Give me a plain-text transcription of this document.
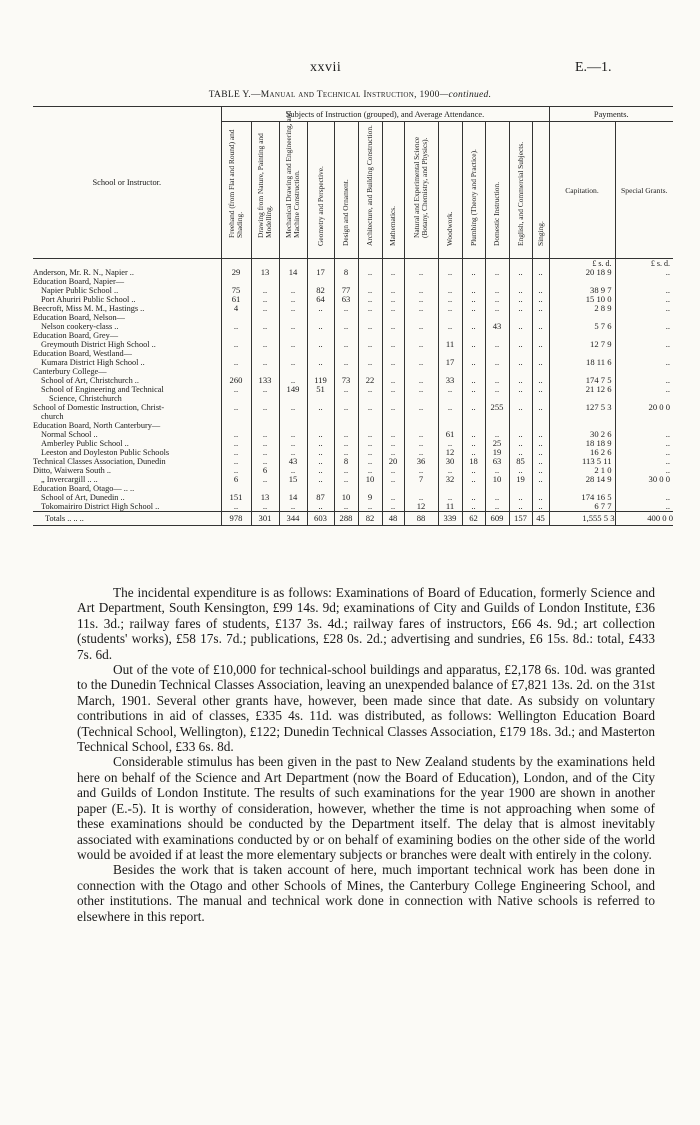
xxvii	E.—1.
TABLE Y.—Manual and Technical Instruction, 1900—continued.
School or Instructor.	Subjects of Instruction (grouped), and Average Attendance.													Payments.	

	Freehand (from Flat and Round) and Shading.	Drawing from Nature, Painting and Modelling.	Mechanical Drawing and Engineering, and Machine Construction.	Geometry and Perspective.	Design and Ornament.	Architecture, and Building Construction.	Mathematics.	Natural and Experimental Science (Botany, Chemistry, and Physics).	Woodwork.	Plumbing (Theory and Practice).	Domestic Instruction.	English, and Commercial Subjects.	Singing.	Capitation.	Special Grants.
														£ s. d.	£ s. d.
Anderson, Mr. R. N., Napier ..	29	13	14	17	8	..	..	..	..	..	..	..	..	20 18 9	..
Education Board, Napier—															
Napier Public School ..	75	..	..	82	77	..	..	..	..	..	..	..	..	38 9 7	..
Port Ahuriri Public School ..	61	..	..	64	63	..	..	..	..	..	..	..	..	15 10 0	..
Beecroft, Miss M. M., Hastings ..	4	..	..	..	..	..	..	..	..	..	..	..	..	2 8 9	..
Education Board, Nelson—															
Nelson cookery-class ..	..	..	..	..	..	..	..	..	..	..	43	..	..	5 7 6	..
Education Board, Grey—															
Greymouth District High School ..	..	..	..	..	..	..	..	..	11	..	..	..	..	12 7 9	..
Education Board, Westland—															
Kumara District High School ..	..	..	..	..	..	..	..	..	17	..	..	..	..	18 11 6	..
Canterbury College—															
School of Art, Christchurch ..	260	133	..	119	73	22	..	..	33	..	..	..	..	174 7 5	..
School of Engineering and Technical	..	..	149	51	..	..	..	..	..	..	..	..	..	21 12 6	..
Science, Christchurch															
School of Domestic Instruction, Christ-	..	..	..	..	..	..	..	..	..	..	255	..	..	127 5 3	20 0 0
church															
Education Board, North Canterbury—															
Normal School ..	..	..	..	..	..	..	..	..	61	..	..	..	..	30 2 6	..
Amberley Public School ..	..	..	..	..	..	..	..	..	..	..	25	..	..	18 18 9	..
Leeston and Doyleston Public Schools	..	..	..	..	..	..	..	..	12	..	19	..	..	16 2 6	..
Technical Classes Association, Dunedin	..	..	43	..	8	..	20	36	30	18	63	85	..	113 5 11	..
Ditto, Waiwera South ..	..	6	..	..	..	..	..	..	..	..	..	..	..	2 1 0	..
„ Invercargill .. ..	6	..	15	..	..	10	..	7	32	..	10	19	..	28 14 9	30 0 0
Education Board, Otago— .. ..															
School of Art, Dunedin ..	151	13	14	87	10	9	..	..	..	..	..	..	..	174 16 5	..
Tokomairiro District High School ..	..	..	..	..	..	..	..	12	11	..	..	..	..	6 7 7	..
Totals .. .. ..	978	301	344	603	288	82	48	88	339	62	609	157	45	1,555 5 3	400 0 0

The incidental expenditure is as follows: Examinations of Board of Education, formerly Science and Art Department, South Kensington, £99 14s. 9d; examinations of City and Guilds of London Institute, £36 11s. 3d.; railway fares of students, £137 3s. 4d.; railway fares of instructors, £66 4s. 9d.; art collection (students' works), £58 17s. 7d.; publications, £28 0s. 2d.; advertising and sundries, £6 15s. 8d.: total, £433 7s. 6d.

Out of the vote of £10,000 for technical-school buildings and apparatus, £2,178 6s. 10d. was granted to the Dunedin Technical Classes Association, leaving an unexpended balance of £7,821 13s. 2d. on the 31st March, 1901. Several other grants have, however, been made since that date. As subsidy on voluntary contributions in aid of classes, £335 4s. 11d. was distributed, as follows: Wellington Education Board (Technical School, Wellington), £122; Dunedin Technical Classes Association, £179 18s. 3d.; and Masterton Technical School, £33 6s. 8d.

Considerable stimulus has been given in the past to New Zealand students by the examinations held here on behalf of the Science and Art Department (now the Board of Education), London, and of the City and Guilds of London Institute. The results of such examinations for the year 1900 are shown in another paper (E.-5). It is worthy of consideration, however, whether the time is not approaching when some of these examinations should be conducted by the Department itself. The delay that is almost inevitably associated with examinations conducted by or on behalf of examining bodies on the other side of the world would be avoided if at least the more elementary subjects or branches were dealt with entirely in the colony.

Besides the work that is taken account of here, much important technical work has been done in connection with the Otago and other Schools of Mines, the Canterbury College Engineering School, and other institutions. The manual and technical work done in connection with Native schools is referred to elsewhere in this report.
